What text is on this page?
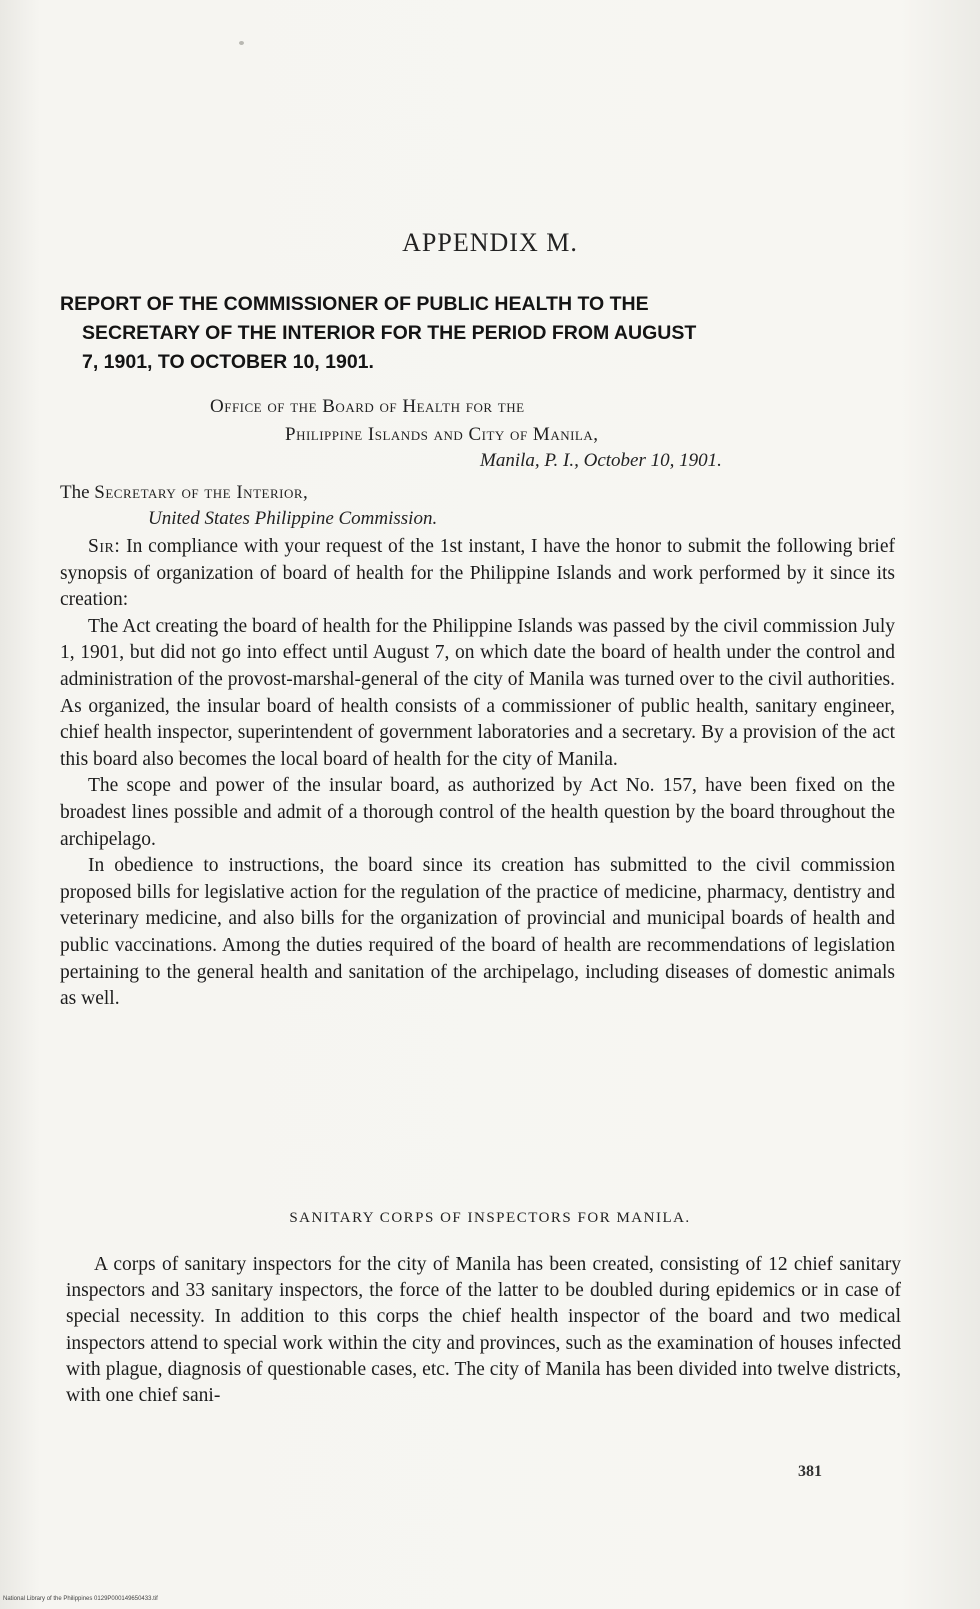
APPENDIX M.
REPORT OF THE COMMISSIONER OF PUBLIC HEALTH TO THE
SECRETARY OF THE INTERIOR FOR THE PERIOD FROM AUGUST
7, 1901, TO OCTOBER 10, 1901.
Office of the Board of Health for the
Philippine Islands and City of Manila,
Manila, P. I., October 10, 1901.
The Secretary of the Interior,
United States Philippine Commission.

Sir: In compliance with your request of the 1st instant, I have the honor to submit the following brief synopsis of organization of board of health for the Philippine Islands and work performed by it since its creation:

The Act creating the board of health for the Philippine Islands was passed by the civil commission July 1, 1901, but did not go into effect until August 7, on which date the board of health under the control and administration of the provost-marshal-general of the city of Manila was turned over to the civil authorities. As organized, the insular board of health consists of a commissioner of public health, sanitary engineer, chief health inspector, superintendent of government laboratories and a secretary. By a provision of the act this board also becomes the local board of health for the city of Manila.

The scope and power of the insular board, as authorized by Act No. 157, have been fixed on the broadest lines possible and admit of a thorough control of the health question by the board throughout the archipelago.

In obedience to instructions, the board since its creation has submitted to the civil commission proposed bills for legislative action for the regulation of the practice of medicine, pharmacy, dentistry and veterinary medicine, and also bills for the organization of provincial and municipal boards of health and public vaccinations. Among the duties required of the board of health are recommendations of legislation pertaining to the general health and sanitation of the archipelago, including diseases of domestic animals as well.

SANITARY CORPS OF INSPECTORS FOR MANILA.

A corps of sanitary inspectors for the city of Manila has been created, consisting of 12 chief sanitary inspectors and 33 sanitary inspectors, the force of the latter to be doubled during epidemics or in case of special necessity. In addition to this corps the chief health inspector of the board and two medical inspectors attend to special work within the city and provinces, such as the examination of houses infected with plague, diagnosis of questionable cases, etc. The city of Manila has been divided into twelve districts, with one chief sani-

381
National Library of the Philippines 0129P000149650433.tif
